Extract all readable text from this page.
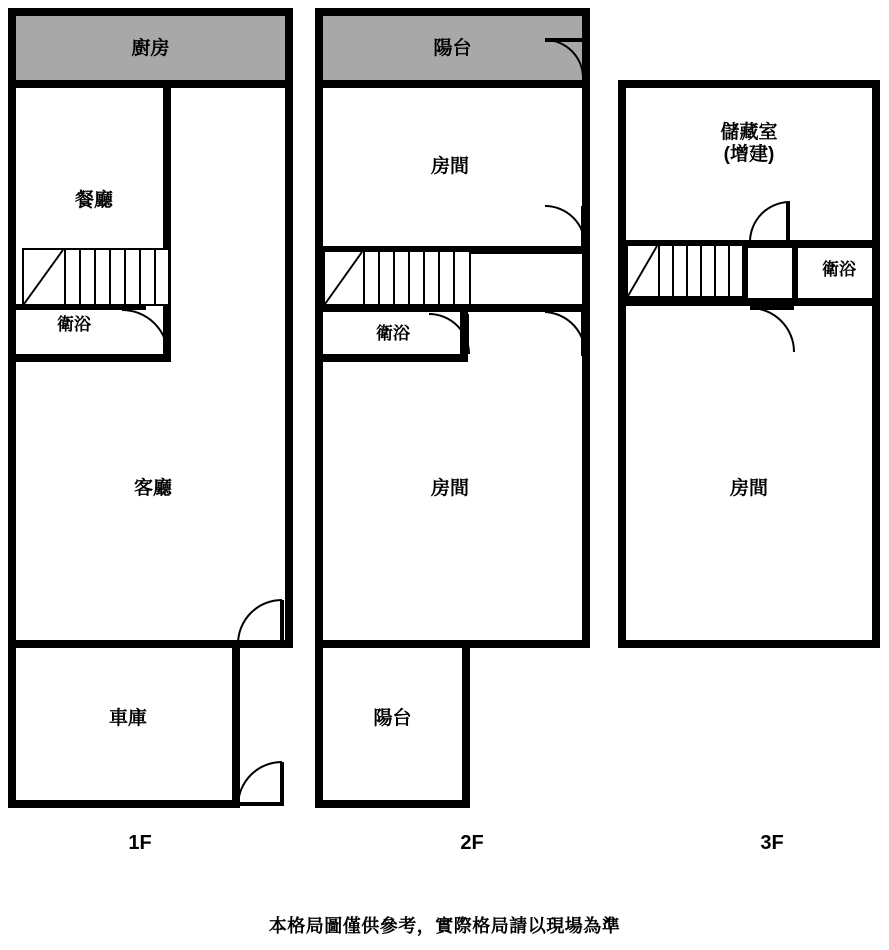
廚房
餐廳
衛浴
客廳
車庫
1F
陽台
房間
衛浴
房間
陽台
2F
儲藏室
(增建)
衛浴
房間
3F
本格局圖僅供參考，實際格局請以現場為準
